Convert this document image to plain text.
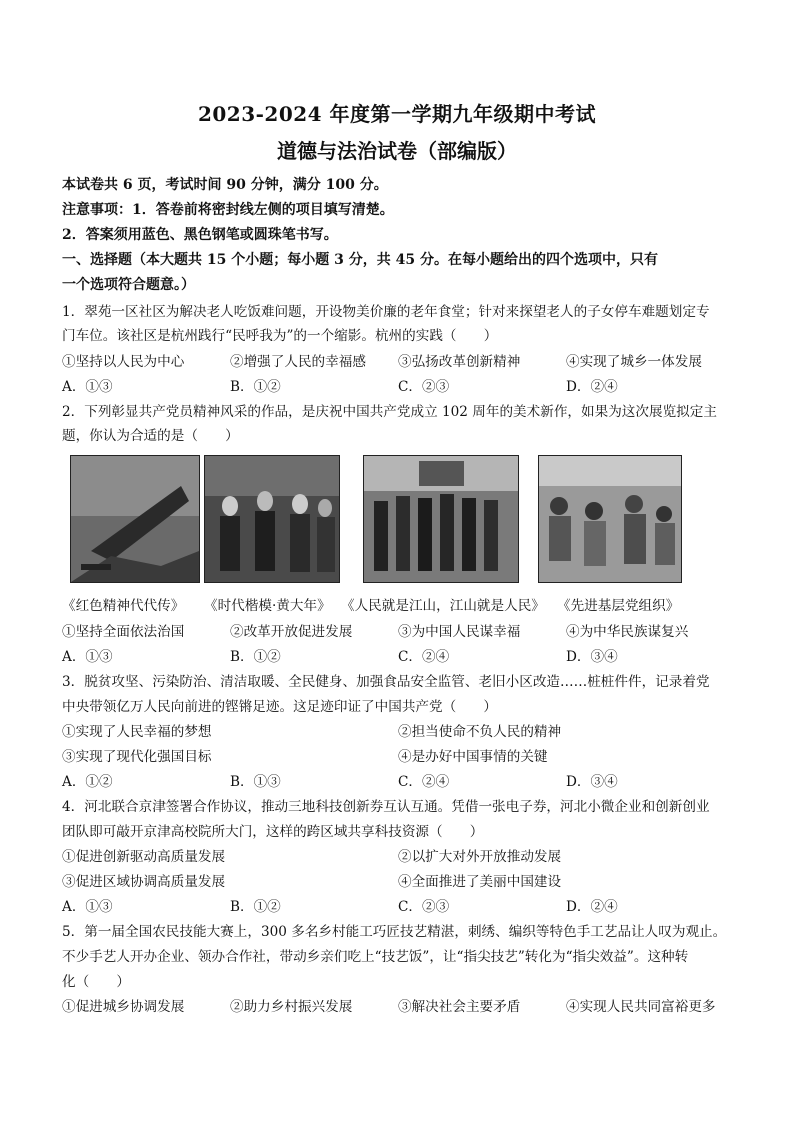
2023-2024 年度第一学期九年级期中考试
道德与法治试卷（部编版）
本试卷共 6 页，考试时间 90 分钟，满分 100 分。
注意事项：1．答卷前将密封线左侧的项目填写清楚。
2．答案须用蓝色、黑色钢笔或圆珠笔书写。
一、选择题（本大题共 15 个小题；每小题 3 分，共 45 分。在每小题给出的四个选项中，只有
一个选项符合题意。）
1．翠苑一区社区为解决老人吃饭难问题，开设物美价廉的老年食堂；针对来探望老人的子女停车难题划定专
门车位。该社区是杭州践行“民呼我为”的一个缩影。杭州的实践（　　）
①坚持以人民为中心	②增强了人民的幸福感 ③弘扬改革创新精神	④实现了城乡一体发展
A．①③	B．①②	C．②③	D．②④
2．下列彰显共产党员精神风采的作品，是庆祝中国共产党成立 102 周年的美术新作，如果为这次展览拟定主
题，你认为合适的是（　　）
《红色精神代代传》 《时代楷模·黄大年》 《人民就是江山，江山就是人民》 《先进基层党组织》
①坚持全面依法治国	②改革开放促进发展	③为中国人民谋幸福	④为中华民族谋复兴
A．①③	B．①②	C．②④	D．③④
3．脱贫攻坚、污染防治、清洁取暖、全民健身、加强食品安全监管、老旧小区改造……桩桩件件，记录着党
中央带领亿万人民向前进的铿锵足迹。这足迹印证了中国共产党（　　）
①实现了人民幸福的梦想	②担当使命不负人民的精神
③实现了现代化强国目标	④是办好中国事情的关键
A．①②	B．①③	C．②④	D．③④
4．河北联合京津签署合作协议，推动三地科技创新券互认互通。凭借一张电子券，河北小微企业和创新创业
团队即可敲开京津高校院所大门，这样的跨区域共享科技资源（　　）
①促进创新驱动高质量发展	②以扩大对外开放推动发展
③促进区域协调高质量发展	④全面推进了美丽中国建设
A．①③	B．①②	C．②③	D．②④
5．第一届全国农民技能大赛上，300 多名乡村能工巧匠技艺精湛，刺绣、编织等特色手工艺品让人叹为观止。
不少手艺人开办企业、领办合作社，带动乡亲们吃上“技艺饭”，让“指尖技艺”转化为“指尖效益”。这种转
化（　　）
①促进城乡协调发展	②助力乡村振兴发展	③解决社会主要矛盾	④实现人民共同富裕更多
